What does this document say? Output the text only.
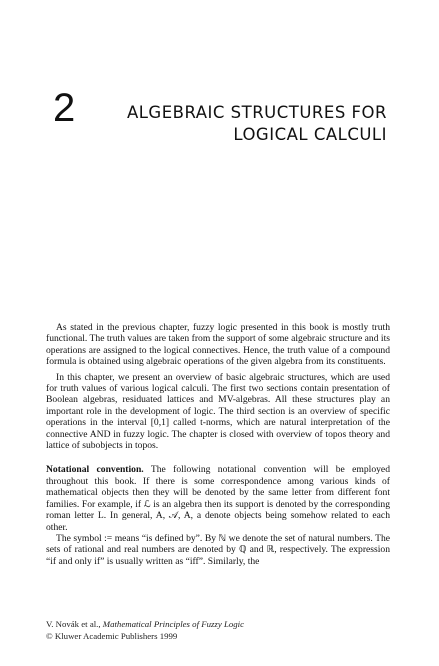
2	ALGEBRAIC STRUCTURES FOR
LOGICAL CALCULI

As stated in the previous chapter, fuzzy logic presented in this book is mostly truth functional. The truth values are taken from the support of some algebraic structure and its operations are assigned to the logical connectives. Hence, the truth value of a compound formula is obtained using algebraic operations of the given algebra from its constituents.

In this chapter, we present an overview of basic algebraic structures, which are used for truth values of various logical calculi. The first two sections contain presentation of Boolean algebras, residuated lattices and MV-algebras. All these structures play an important role in the development of logic. The third section is an overview of specific operations in the interval [0,1] called t-norms, which are natural interpretation of the connective AND in fuzzy logic. The chapter is closed with overview of topos theory and lattice of subobjects in topos.

Notational convention. The following notational convention will be employed throughout this book. If there is some correspondence among various kinds of mathematical objects then they will be denoted by the same letter from different font families. For example, if ℒ is an algebra then its support is denoted by the corresponding roman letter L. In general, A, 𝒜, A, a denote objects being somehow related to each other.

The symbol := means “is defined by”. By ℕ we denote the set of natural numbers. The sets of rational and real numbers are denoted by ℚ and ℝ, respectively. The expression “if and only if” is usually written as “iff”. Similarly, the

V. Novák et al., Mathematical Principles of Fuzzy Logic
© Kluwer Academic Publishers 1999
